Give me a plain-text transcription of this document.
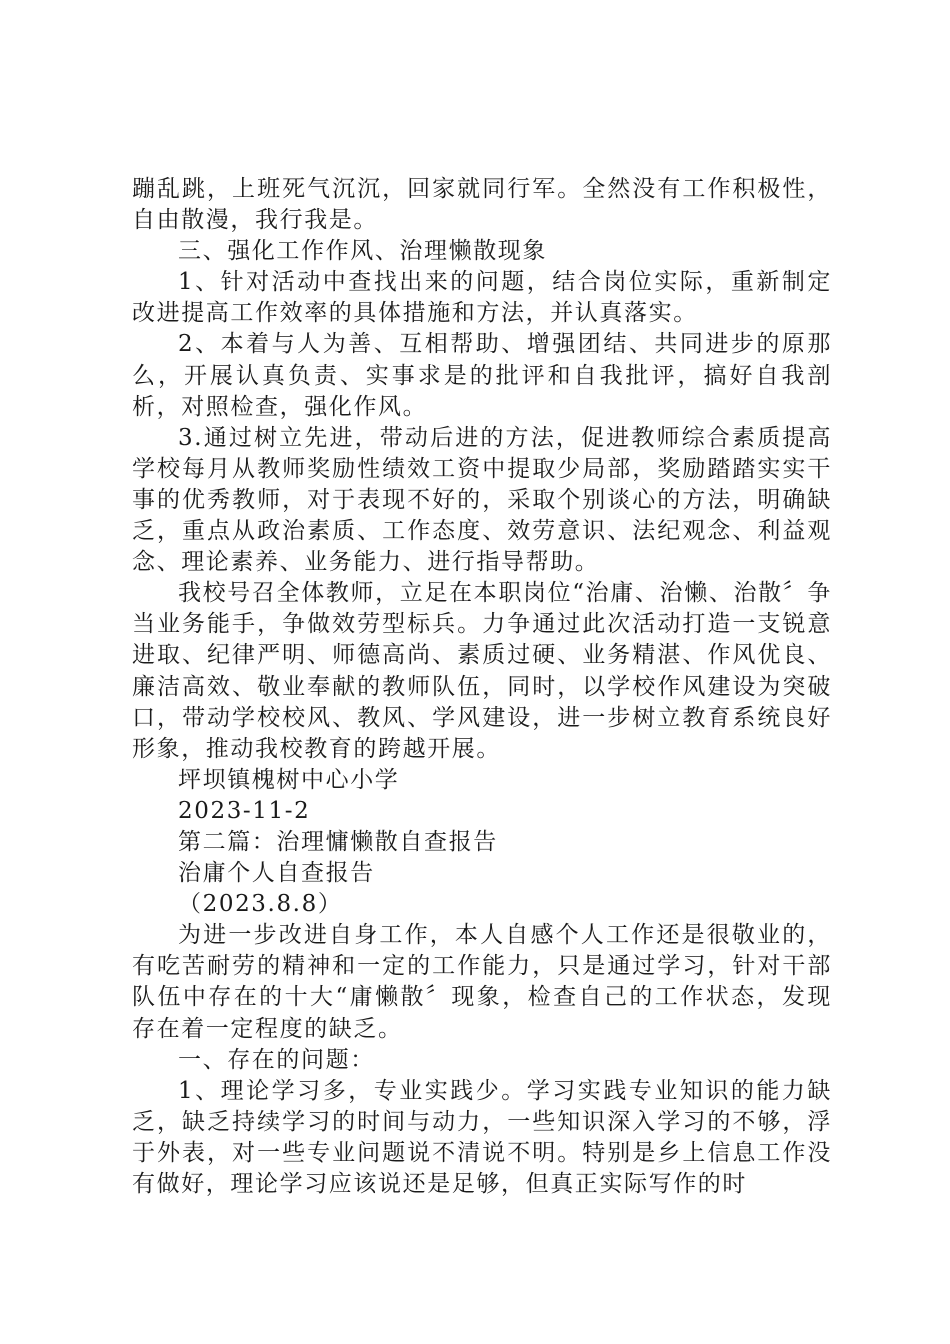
蹦乱跳，上班死气沉沉，回家就同行军。全然没有工作积极性，自由散漫，我行我是。

三、强化工作作风、治理懒散现象

1、针对活动中查找出来的问题，结合岗位实际，重新制定改进提高工作效率的具体措施和方法，并认真落实。

2、本着与人为善、互相帮助、增强团结、共同进步的原那么，开展认真负责、实事求是的批评和自我批评，搞好自我剖析，对照检查，强化作风。

3.通过树立先进，带动后进的方法，促进教师综合素质提高学校每月从教师奖励性绩效工资中提取少局部，奖励踏踏实实干事的优秀教师，对于表现不好的，采取个别谈心的方法，明确缺乏，重点从政治素质、工作态度、效劳意识、法纪观念、利益观念、理论素养、业务能力、进行指导帮助。

我校号召全体教师，立足在本职岗位“治庸、治懒、治散〞争当业务能手，争做效劳型标兵。力争通过此次活动打造一支锐意进取、纪律严明、师德高尚、素质过硬、业务精湛、作风优良、廉洁高效、敬业奉献的教师队伍，同时，以学校作风建设为突破口，带动学校校风、教风、学风建设，进一步树立教育系统良好形象，推动我校教育的跨越开展。

坪坝镇槐树中心小学

2023-11-2

第二篇：治理慵懒散自查报告

治庸个人自查报告

（2023.8.8）

为进一步改进自身工作，本人自感个人工作还是很敬业的，有吃苦耐劳的精神和一定的工作能力，只是通过学习，针对干部队伍中存在的十大“庸懒散〞现象，检查自己的工作状态，发现存在着一定程度的缺乏。

一、存在的问题：

1、理论学习多，专业实践少。学习实践专业知识的能力缺乏，缺乏持续学习的时间与动力，一些知识深入学习的不够，浮于外表，对一些专业问题说不清说不明。特别是乡上信息工作没有做好，理论学习应该说还是足够，但真正实际写作的时
